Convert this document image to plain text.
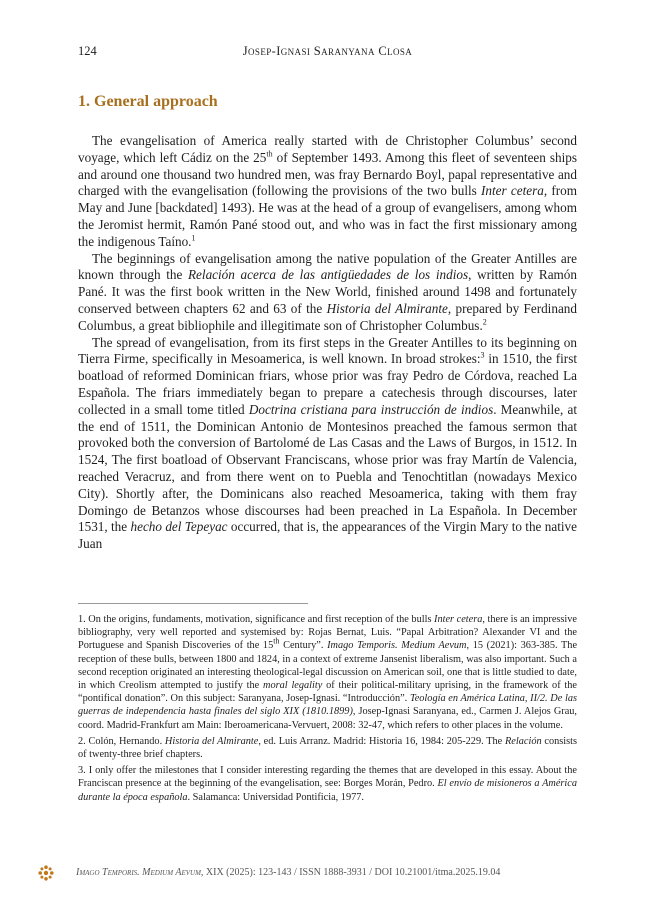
124	Josep-Ignasi Saranyana Closa
1. General approach

The evangelisation of America really started with de Christopher Columbus’ second voyage, which left Cádiz on the 25th of September 1493. Among this fleet of seventeen ships and around one thousand two hundred men, was fray Bernardo Boyl, papal representative and charged with the evangelisation (following the provisions of the two bulls Inter cetera, from May and June [backdated] 1493). He was at the head of a group of evangelisers, among whom the Jeromist hermit, Ramón Pané stood out, and who was in fact the first missionary among the indigenous Taíno.$^1$

The beginnings of evangelisation among the native population of the Greater Antilles are known through the Relación acerca de las antigüedades de los indios, written by Ramón Pané. It was the first book written in the New World, finished around 1498 and fortunately conserved between chapters 62 and 63 of the Historia del Almirante, prepared by Ferdinand Columbus, a great bibliophile and illegitimate son of Christopher Columbus.$^2$

The spread of evangelisation, from its first steps in the Greater Antilles to its beginning on Tierra Firme, specifically in Mesoamerica, is well known. In broad strokes:$^3$ in 1510, the first boatload of reformed Dominican friars, whose prior was fray Pedro de Córdova, reached La Española. The friars immediately began to prepare a catechesis through discourses, later collected in a small tome titled Doctrina cristiana para instrucción de indios. Meanwhile, at the end of 1511, the Dominican Antonio de Montesinos preached the famous sermon that provoked both the conversion of Bartolomé de Las Casas and the Laws of Burgos, in 1512. In 1524, The first boatload of Observant Franciscans, whose prior was fray Martín de Valencia, reached Veracruz, and from there went on to Puebla and Tenochtitlan (nowadays Mexico City). Shortly after, the Dominicans also reached Mesoamerica, taking with them fray Domingo de Betanzos whose discourses had been preached in La Española. In December 1531, the hecho del Tepeyac occurred, that is, the appearances of the Virgin Mary to the native Juan

1. On the origins, fundaments, motivation, significance and first reception of the bulls Inter cetera, there is an impressive bibliography, very well reported and systemised by: Rojas Bernat, Luis. “Papal Arbitration? Alexander VI and the Portuguese and Spanish Discoveries of the 15th Century”. Imago Temporis. Medium Aevum, 15 (2021): 363-385. The reception of these bulls, between 1800 and 1824, in a context of extreme Jansenist liberalism, was also important. Such a second reception originated an interesting theological-legal discussion on American soil, one that is little studied to date, in which Creolism attempted to justify the moral legality of their political-military uprising, in the framework of the “pontifical donation”. On this subject: Saranyana, Josep-Ignasi. “Introducción”. Teología en América Latina, II/2. De las guerras de independencia hasta finales del siglo XIX (1810.1899), Josep-Ignasi Saranyana, ed., Carmen J. Alejos Grau, coord. Madrid-Frankfurt am Main: Iberoamericana-Vervuert, 2008: 32-47, which refers to other places in the volume.

2. Colón, Hernando. Historia del Almirante, ed. Luis Arranz. Madrid: Historia 16, 1984: 205-229. The Relación consists of twenty-three brief chapters.

3. I only offer the milestones that I consider interesting regarding the themes that are developed in this essay. About the Franciscan presence at the beginning of the evangelisation, see: Borges Morán, Pedro. El envío de misioneros a América durante la época española. Salamanca: Universidad Pontificia, 1977.

Imago Temporis. Medium Aevum, XIX (2025): 123-143 / ISSN 1888-3931 / DOI 10.21001/itma.2025.19.04
